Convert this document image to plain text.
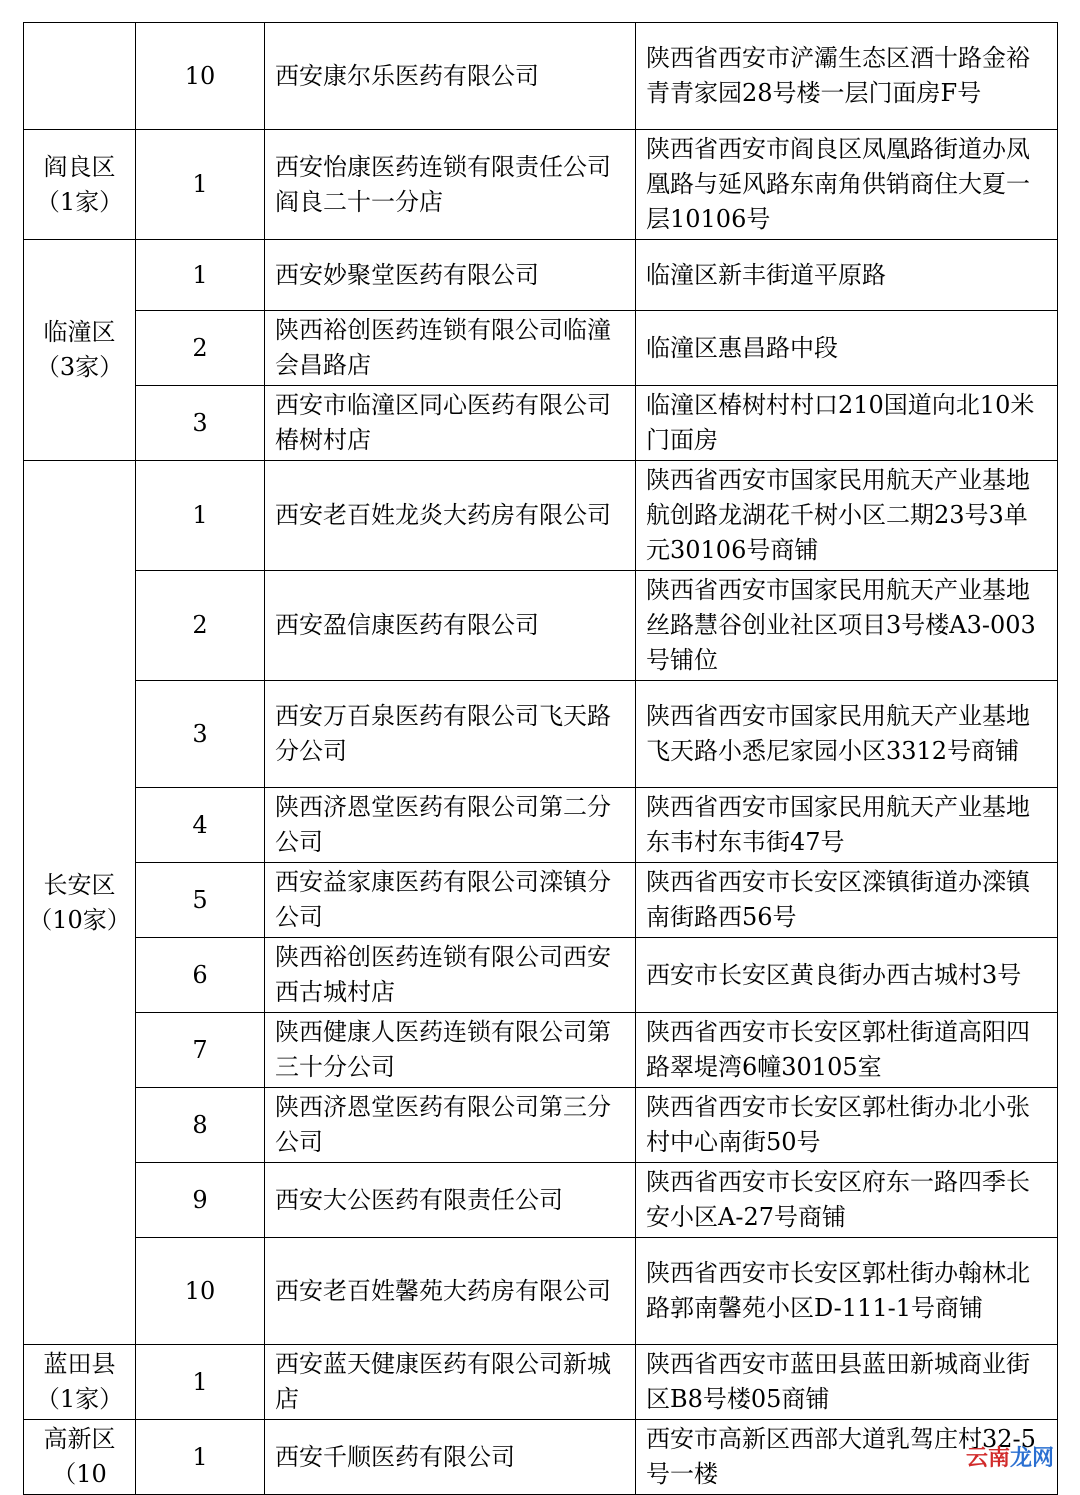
	10	西安康尔乐医药有限公司	陕西省西安市浐灞生态区酒十路金裕青青家园28号楼一层门面房F号
阎良区（1家）	1	西安怡康医药连锁有限责任公司阎良二十一分店	陕西省西安市阎良区凤凰路街道办凤凰路与延风路东南角供销商住大夏一层10106号
临潼区（3家）	1	西安妙聚堂医药有限公司	临潼区新丰街道平原路
	2	陕西裕创医药连锁有限公司临潼会昌路店	临潼区惠昌路中段
	3	西安市临潼区同心医药有限公司椿树村店	临潼区椿树村村口210国道向北10米门面房
长安区（10家）	1	西安老百姓龙炎大药房有限公司	陕西省西安市国家民用航天产业基地航创路龙湖花千树小区二期23号3单元30106号商铺
	2	西安盈信康医药有限公司	陕西省西安市国家民用航天产业基地丝路慧谷创业社区项目3号楼A3-003号铺位
	3	西安万百泉医药有限公司飞天路分公司	陕西省西安市国家民用航天产业基地飞天路小悉尼家园小区3312号商铺
	4	陕西济恩堂医药有限公司第二分公司	陕西省西安市国家民用航天产业基地东韦村东韦街47号
	5	西安益家康医药有限公司滦镇分公司	陕西省西安市长安区滦镇街道办滦镇南街路西56号
	6	陕西裕创医药连锁有限公司西安西古城村店	西安市长安区黄良街办西古城村3号
	7	陕西健康人医药连锁有限公司第三十分公司	陕西省西安市长安区郭杜街道高阳四路翠堤湾6幢30105室
	8	陕西济恩堂医药有限公司第三分公司	陕西省西安市长安区郭杜街办北小张村中心南街50号
	9	西安大公医药有限责任公司	陕西省西安市长安区府东一路四季长安小区A-27号商铺
	10	西安老百姓馨苑大药房有限公司	陕西省西安市长安区郭杜街办翰林北路郭南馨苑小区D-111-1号商铺
蓝田县（1家）	1	西安蓝天健康医药有限公司新城店	陕西省西安市蓝田县蓝田新城商业街区B8号楼05商铺
高新区（10	1	西安千顺医药有限公司	西安市高新区西部大道乳驾庄村32-5号一楼
云南龙网
